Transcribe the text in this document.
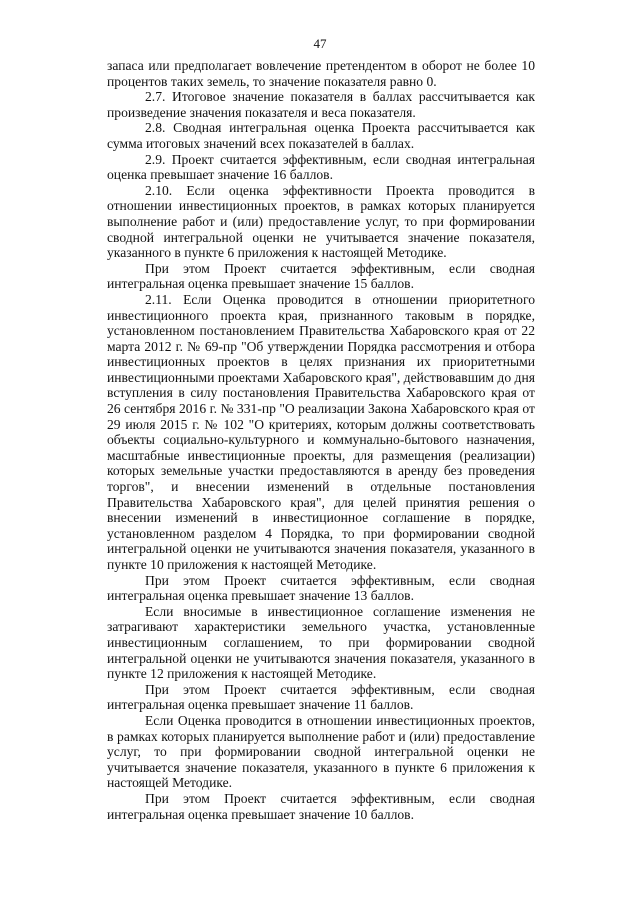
47

запаса или предполагает вовлечение претендентом в оборот не более 10 процентов таких земель, то значение показателя равно 0.

2.7. Итоговое значение показателя в баллах рассчитывается как произведение значения показателя и веса показателя.

2.8. Сводная интегральная оценка Проекта рассчитывается как сумма итоговых значений всех показателей в баллах.

2.9. Проект считается эффективным, если сводная интегральная оценка превышает значение 16 баллов.

2.10. Если оценка эффективности Проекта проводится в отношении инвестиционных проектов, в рамках которых планируется выполнение работ и (или) предоставление услуг, то при формировании сводной интегральной оценки не учитывается значение показателя, указанного в пункте 6 приложения к настоящей Методике.

При этом Проект считается эффективным, если сводная интегральная оценка превышает значение 15 баллов.

2.11. Если Оценка проводится в отношении приоритетного инвестиционного проекта края, признанного таковым в порядке, установленном постановлением Правительства Хабаровского края от 22 марта 2012 г. № 69-пр "Об утверждении Порядка рассмотрения и отбора инвестиционных проектов в целях признания их приоритетными инвестиционными проектами Хабаровского края", действовавшим до дня вступления в силу постановления Правительства Хабаровского края от 26 сентября 2016 г. № 331-пр "О реализации Закона Хабаровского края от 29 июля 2015 г. № 102 "О критериях, которым должны соответствовать объекты социально-культурного и коммунально-бытового назначения, масштабные инвестиционные проекты, для размещения (реализации) которых земельные участки предоставляются в аренду без проведения торгов", и внесении изменений в отдельные постановления Правительства Хабаровского края", для целей принятия решения о внесении изменений в инвестиционное соглашение в порядке, установленном разделом 4 Порядка, то при формировании сводной интегральной оценки не учитываются значения показателя, указанного в пункте 10 приложения к настоящей Методике.

При этом Проект считается эффективным, если сводная интегральная оценка превышает значение 13 баллов.

Если вносимые в инвестиционное соглашение изменения не затрагивают характеристики земельного участка, установленные инвестиционным соглашением, то при формировании сводной интегральной оценки не учитываются значения показателя, указанного в пункте 12 приложения к настоящей Методике.

При этом Проект считается эффективным, если сводная интегральная оценка превышает значение 11 баллов.

Если Оценка проводится в отношении инвестиционных проектов, в рамках которых планируется выполнение работ и (или) предоставление услуг, то при формировании сводной интегральной оценки не учитывается значение показателя, указанного в пункте 6 приложения к настоящей Методике.

При этом Проект считается эффективным, если сводная интегральная оценка превышает значение 10 баллов.
